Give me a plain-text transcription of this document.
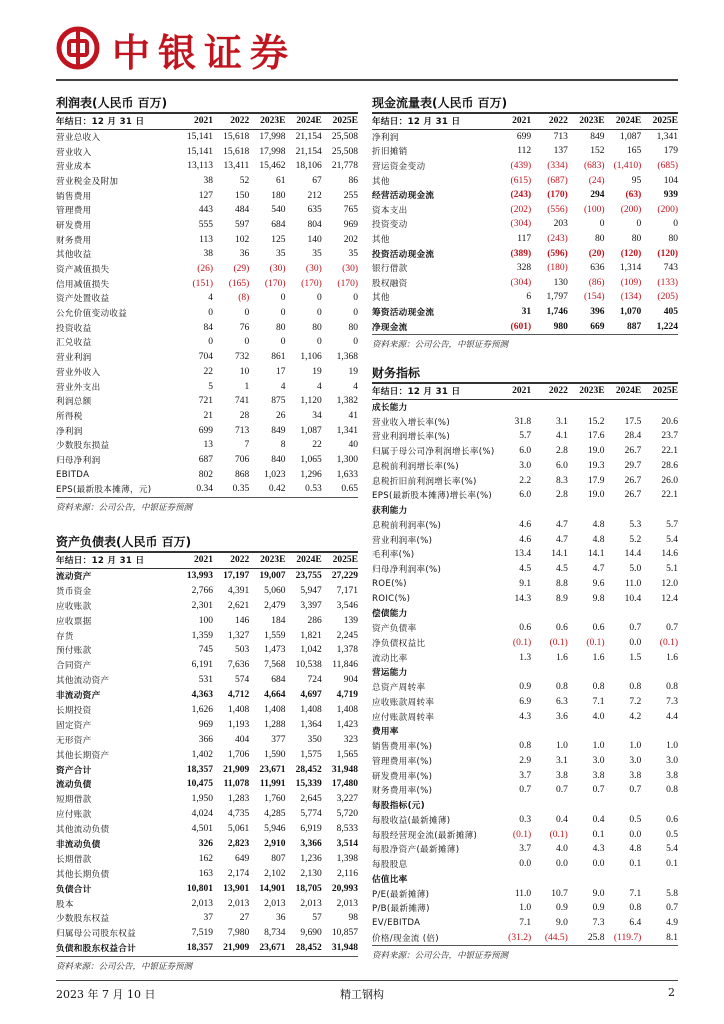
中银证券
利润表(人民币 百万)
年结日：12 月 31 日	2021	2022	2023E	2024E	2025E
营业总收入	15,141	15,618	17,998	21,154	25,508
营业收入	15,141	15,618	17,998	21,154	25,508
营业成本	13,113	13,411	15,462	18,106	21,778
营业税金及附加	38	52	61	67	86
销售费用	127	150	180	212	255
管理费用	443	484	540	635	765
研发费用	555	597	684	804	969
财务费用	113	102	125	140	202
其他收益	38	36	35	35	35
资产减值损失	(26)	(29)	(30)	(30)	(30)
信用减值损失	(151)	(165)	(170)	(170)	(170)
资产处置收益	4	(8)	0	0	0
公允价值变动收益	0	0	0	0	0
投资收益	84	76	80	80	80
汇兑收益	0	0	0	0	0
营业利润	704	732	861	1,106	1,368
营业外收入	22	10	17	19	19
营业外支出	5	1	4	4	4
利润总额	721	741	875	1,120	1,382
所得税	21	28	26	34	41
净利润	699	713	849	1,087	1,341
少数股东损益	13	7	8	22	40
归母净利润	687	706	840	1,065	1,300
EBITDA	802	868	1,023	1,296	1,633
EPS(最新股本摊薄，元)	0.34	0.35	0.42	0.53	0.65
资料来源：公司公告，中银证券预测
资产负债表(人民币 百万)
年结日：12 月 31 日	2021	2022	2023E	2024E	2025E
流动资产	13,993	17,197	19,007	23,755	27,229
货币资金	2,766	4,391	5,060	5,947	7,171
应收账款	2,301	2,621	2,479	3,397	3,546
应收票据	100	146	184	286	139
存货	1,359	1,327	1,559	1,821	2,245
预付账款	745	503	1,473	1,042	1,378
合同资产	6,191	7,636	7,568	10,538	11,846
其他流动资产	531	574	684	724	904
非流动资产	4,363	4,712	4,664	4,697	4,719
长期投资	1,626	1,408	1,408	1,408	1,408
固定资产	969	1,193	1,288	1,364	1,423
无形资产	366	404	377	350	323
其他长期资产	1,402	1,706	1,590	1,575	1,565
资产合计	18,357	21,909	23,671	28,452	31,948
流动负债	10,475	11,078	11,991	15,339	17,480
短期借款	1,950	1,283	1,760	2,645	3,227
应付账款	4,024	4,735	4,285	5,774	5,720
其他流动负债	4,501	5,061	5,946	6,919	8,533
非流动负债	326	2,823	2,910	3,366	3,514
长期借款	162	649	807	1,236	1,398
其他长期负债	163	2,174	2,102	2,130	2,116
负债合计	10,801	13,901	14,901	18,705	20,993
股本	2,013	2,013	2,013	2,013	2,013
少数股东权益	37	27	36	57	98
归属母公司股东权益	7,519	7,980	8,734	9,690	10,857
负债和股东权益合计	18,357	21,909	23,671	28,452	31,948
资料来源：公司公告，中银证券预测
现金流量表(人民币 百万)
年结日：12 月 31 日	2021	2022	2023E	2024E	2025E
净利润	699	713	849	1,087	1,341
折旧摊销	112	137	152	165	179
营运资金变动	(439)	(334)	(683)	(1,410)	(685)
其他	(615)	(687)	(24)	95	104
经营活动现金流	(243)	(170)	294	(63)	939
资本支出	(202)	(556)	(100)	(200)	(200)
投资变动	(304)	203	0	0	0
其他	117	(243)	80	80	80
投资活动现金流	(389)	(596)	(20)	(120)	(120)
银行借款	328	(180)	636	1,314	743
股权融资	(304)	130	(86)	(109)	(133)
其他	6	1,797	(154)	(134)	(205)
筹资活动现金流	31	1,746	396	1,070	405
净现金流	(601)	980	669	887	1,224
资料来源：公司公告，中银证券预测
财务指标
年结日：12 月 31 日	2021	2022	2023E	2024E	2025E
成长能力					
营业收入增长率(%)	31.8	3.1	15.2	17.5	20.6
营业利润增长率(%)	5.7	4.1	17.6	28.4	23.7
归属于母公司净利润增长率(%)	6.0	2.8	19.0	26.7	22.1
息税前利润增长率(%)	3.0	6.0	19.3	29.7	28.6
息税折旧前利润增长率(%)	2.2	8.3	17.9	26.7	26.0
EPS(最新股本摊薄)增长率(%)	6.0	2.8	19.0	26.7	22.1
获利能力					
息税前利润率(%)	4.6	4.7	4.8	5.3	5.7
营业利润率(%)	4.6	4.7	4.8	5.2	5.4
毛利率(%)	13.4	14.1	14.1	14.4	14.6
归母净利润率(%)	4.5	4.5	4.7	5.0	5.1
ROE(%)	9.1	8.8	9.6	11.0	12.0
ROIC(%)	14.3	8.9	9.8	10.4	12.4
偿债能力					
资产负债率	0.6	0.6	0.6	0.7	0.7
净负债权益比	(0.1)	(0.1)	(0.1)	0.0	(0.1)
流动比率	1.3	1.6	1.6	1.5	1.6
营运能力					
总资产周转率	0.9	0.8	0.8	0.8	0.8
应收账款周转率	6.9	6.3	7.1	7.2	7.3
应付账款周转率	4.3	3.6	4.0	4.2	4.4
费用率					
销售费用率(%)	0.8	1.0	1.0	1.0	1.0
管理费用率(%)	2.9	3.1	3.0	3.0	3.0
研发费用率(%)	3.7	3.8	3.8	3.8	3.8
财务费用率(%)	0.7	0.7	0.7	0.7	0.8
每股指标(元)					
每股收益(最新摊薄)	0.3	0.4	0.4	0.5	0.6
每股经营现金流(最新摊薄)	(0.1)	(0.1)	0.1	0.0	0.5
每股净资产(最新摊薄)	3.7	4.0	4.3	4.8	5.4
每股股息	0.0	0.0	0.0	0.1	0.1
估值比率					
P/E(最新摊薄)	11.0	10.7	9.0	7.1	5.8
P/B(最新摊薄)	1.0	0.9	0.9	0.8	0.7
EV/EBITDA	7.1	9.0	7.3	6.4	4.9
价格/现金流 (倍)	(31.2)	(44.5)	25.8	(119.7)	8.1
资料来源：公司公告，中银证券预测
2023 年 7 月 10 日	精工钢构	2
